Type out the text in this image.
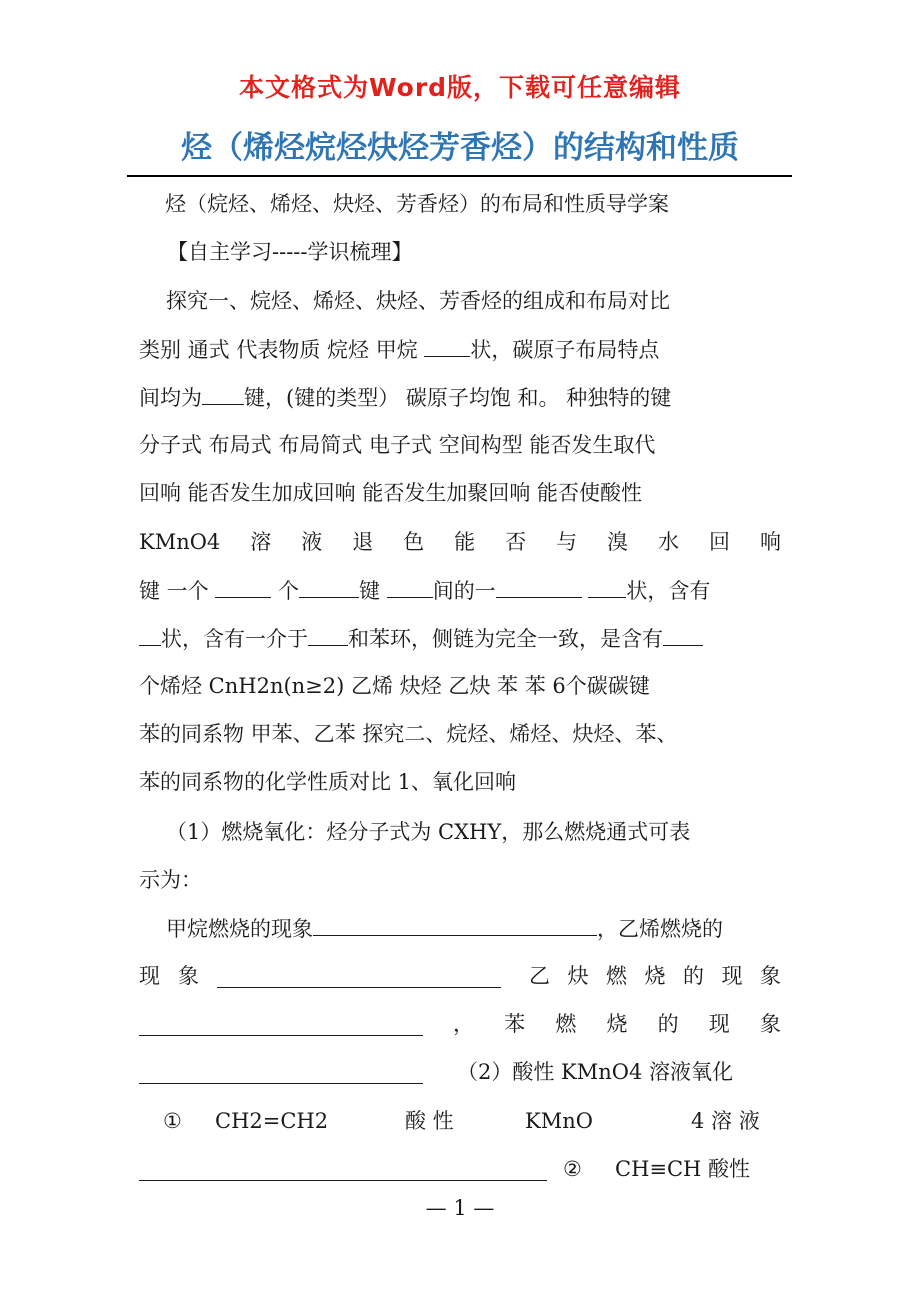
本文格式为Word版，下载可任意编辑
烃（烯烃烷烃炔烃芳香烃）的结构和性质
烃（烷烃、烯烃、炔烃、芳香烃）的布局和性质导学案
【自主学习-----学识梳理】
探究一、烷烃、烯烃、炔烃、芳香烃的组成和布局对比
类别 通式 代表物质 烷烃 甲烷 状，碳原子布局特点
间均为 键，(键的类型） 碳原子均饱 和。 种独特的键
分子式 布局式 布局简式 电子式 空间构型 能否发生取代
回响 能否发生加成回响 能否发生加聚回响 能否使酸性
KMnO4 溶 液 退 色 能 否 与 溴 水 回 响
键 一个	个	键 间的一	状，含有
状，含有一介于 和苯环，侧链为完全一致，是含有
个烯烃 CnH2n(n≥2) 乙烯 炔烃 乙炔 苯 苯 6个碳碳键
苯的同系物 甲苯、乙苯 探究二、烷烃、烯烃、炔烃、苯、
苯的同系物的化学性质对比 1、氧化回响
（1）燃烧氧化：烃分子式为 CXHY，那么燃烧通式可表
示为：
甲烷燃烧的现象	，乙烯燃烧的
现 象	乙 炔 燃 烧 的 现 象
， 苯 燃 烧 的 现 象
（2）酸性 KMnO4 溶液氧化
① CH2=CH2	酸 性	KMnO	4 溶 液
② CH≡CH 酸性
— 1 —
